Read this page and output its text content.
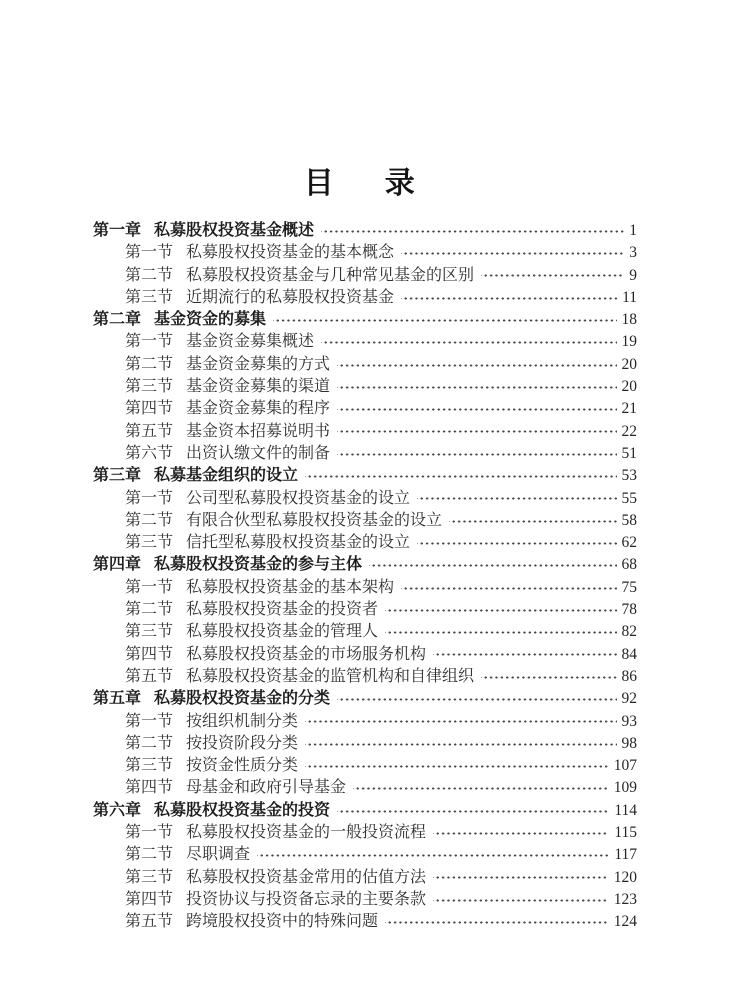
目　录
第一章 私募股权投资基金概述	1
第一节 私募股权投资基金的基本概念	3
第二节 私募股权投资基金与几种常见基金的区别	9
第三节 近期流行的私募股权投资基金	11
第二章 基金资金的募集	18
第一节 基金资金募集概述	19
第二节 基金资金募集的方式	20
第三节 基金资金募集的渠道	20
第四节 基金资金募集的程序	21
第五节 基金资本招募说明书	22
第六节 出资认缴文件的制备	51
第三章 私募基金组织的设立	53
第一节 公司型私募股权投资基金的设立	55
第二节 有限合伙型私募股权投资基金的设立	58
第三节 信托型私募股权投资基金的设立	62
第四章 私募股权投资基金的参与主体	68
第一节 私募股权投资基金的基本架构	75
第二节 私募股权投资基金的投资者	78
第三节 私募股权投资基金的管理人	82
第四节 私募股权投资基金的市场服务机构	84
第五节 私募股权投资基金的监管机构和自律组织	86
第五章 私募股权投资基金的分类	92
第一节 按组织机制分类	93
第二节 按投资阶段分类	98
第三节 按资金性质分类	107
第四节 母基金和政府引导基金	109
第六章 私募股权投资基金的投资	114
第一节 私募股权投资基金的一般投资流程	115
第二节 尽职调查	117
第三节 私募股权投资基金常用的估值方法	120
第四节 投资协议与投资备忘录的主要条款	123
第五节 跨境股权投资中的特殊问题	124
